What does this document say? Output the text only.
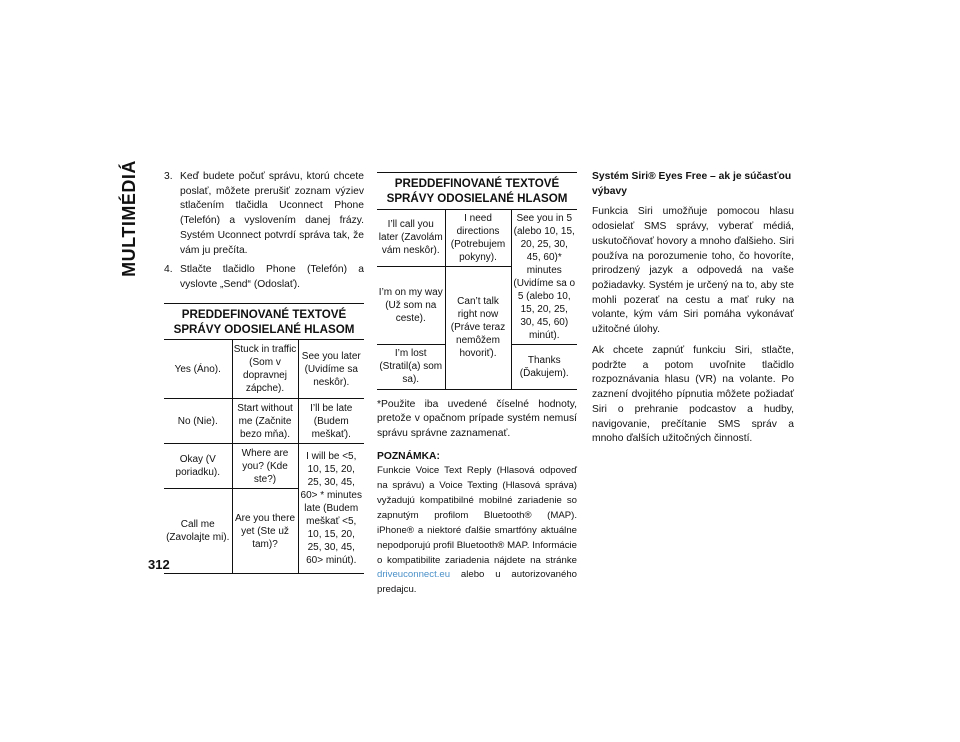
MULTIMÉDIÁ
312
3. Keď budete počuť správu, ktorú chcete poslať, môžete prerušiť zoznam výziev stlačením tlačidla Uconnect Phone (Telefón) a vyslovením danej frázy. Systém Uconnect potvrdí správa tak, že vám ju prečíta.
4. Stlačte tlačidlo Phone (Telefón) a vyslovte „Send“ (Odoslať).
PREDDEFINOVANÉ TEXTOVÉ SPRÁVY ODOSIELANÉ HLASOM		
Yes (Áno).	Stuck in traffic (Som v dopravnej zápche).	See you later (Uvidíme sa neskôr).
No (Nie).	Start without me (Začnite bezo mňa).	I’ll be late (Budem meškať).
Okay (V poriadku).	Where are you? (Kde ste?)	I will be <5, 10, 15, 20, 25, 30, 45, 60> * minutes late (Budem meškať <5, 10, 15, 20, 25, 30, 45, 60> minút).
Call me (Zavolajte mi).	Are you there yet (Ste už tam)?	
PREDDEFINOVANÉ TEXTOVÉ SPRÁVY ODOSIELANÉ HLASOM		
I’ll call you later (Zavolám vám neskôr).	I need directions (Potrebujem pokyny).	See you in 5 (alebo 10, 15, 20, 25, 30, 45, 60)* minutes (Uvidíme sa o 5 (alebo 10, 15, 20, 25, 30, 45, 60) minút).
I’m on my way (Už som na ceste).	Can’t talk right now (Práve teraz nemôžem hovoriť).	
I’m lost (Stratil(a) som sa).		Thanks (Ďakujem).

*Použite iba uvedené číselné hodnoty, pretože v opačnom prípade systém nemusí správu správne zaznamenať.

POZNÁMKA:
Funkcie Voice Text Reply (Hlasová odpoveď na správu) a Voice Texting (Hlasová správa) vyžadujú kompatibilné mobilné zariadenie so zapnutým profilom Bluetooth® (MAP). iPhone® a niektoré ďalšie smartfóny aktuálne nepodporujú profil Bluetooth® MAP. Informácie o kompatibilite zariadenia nájdete na stránke driveuconnect.eu alebo u autorizovaného predajcu.

Systém Siri® Eyes Free – ak je súčasťou výbavy

Funkcia Siri umožňuje pomocou hlasu odosielať SMS správy, vyberať médiá, uskutočňovať hovory a mnoho ďalšieho. Siri používa na porozumenie toho, čo hovoríte, prirodzený jazyk a odpovedá na vaše požiadavky. Systém je určený na to, aby ste mohli pozerať na cestu a mať ruky na volante, kým vám Siri pomáha vykonávať užitočné úlohy.

Ak chcete zapnúť funkciu Siri, stlačte, podržte a potom uvoľnite tlačidlo rozpoznávania hlasu (VR) na volante. Po zaznení dvojitého pípnutia môžete požiadať Siri o prehranie podcastov a hudby, navigovanie, prečítanie SMS správ a mnoho ďalších užitočných činností.
